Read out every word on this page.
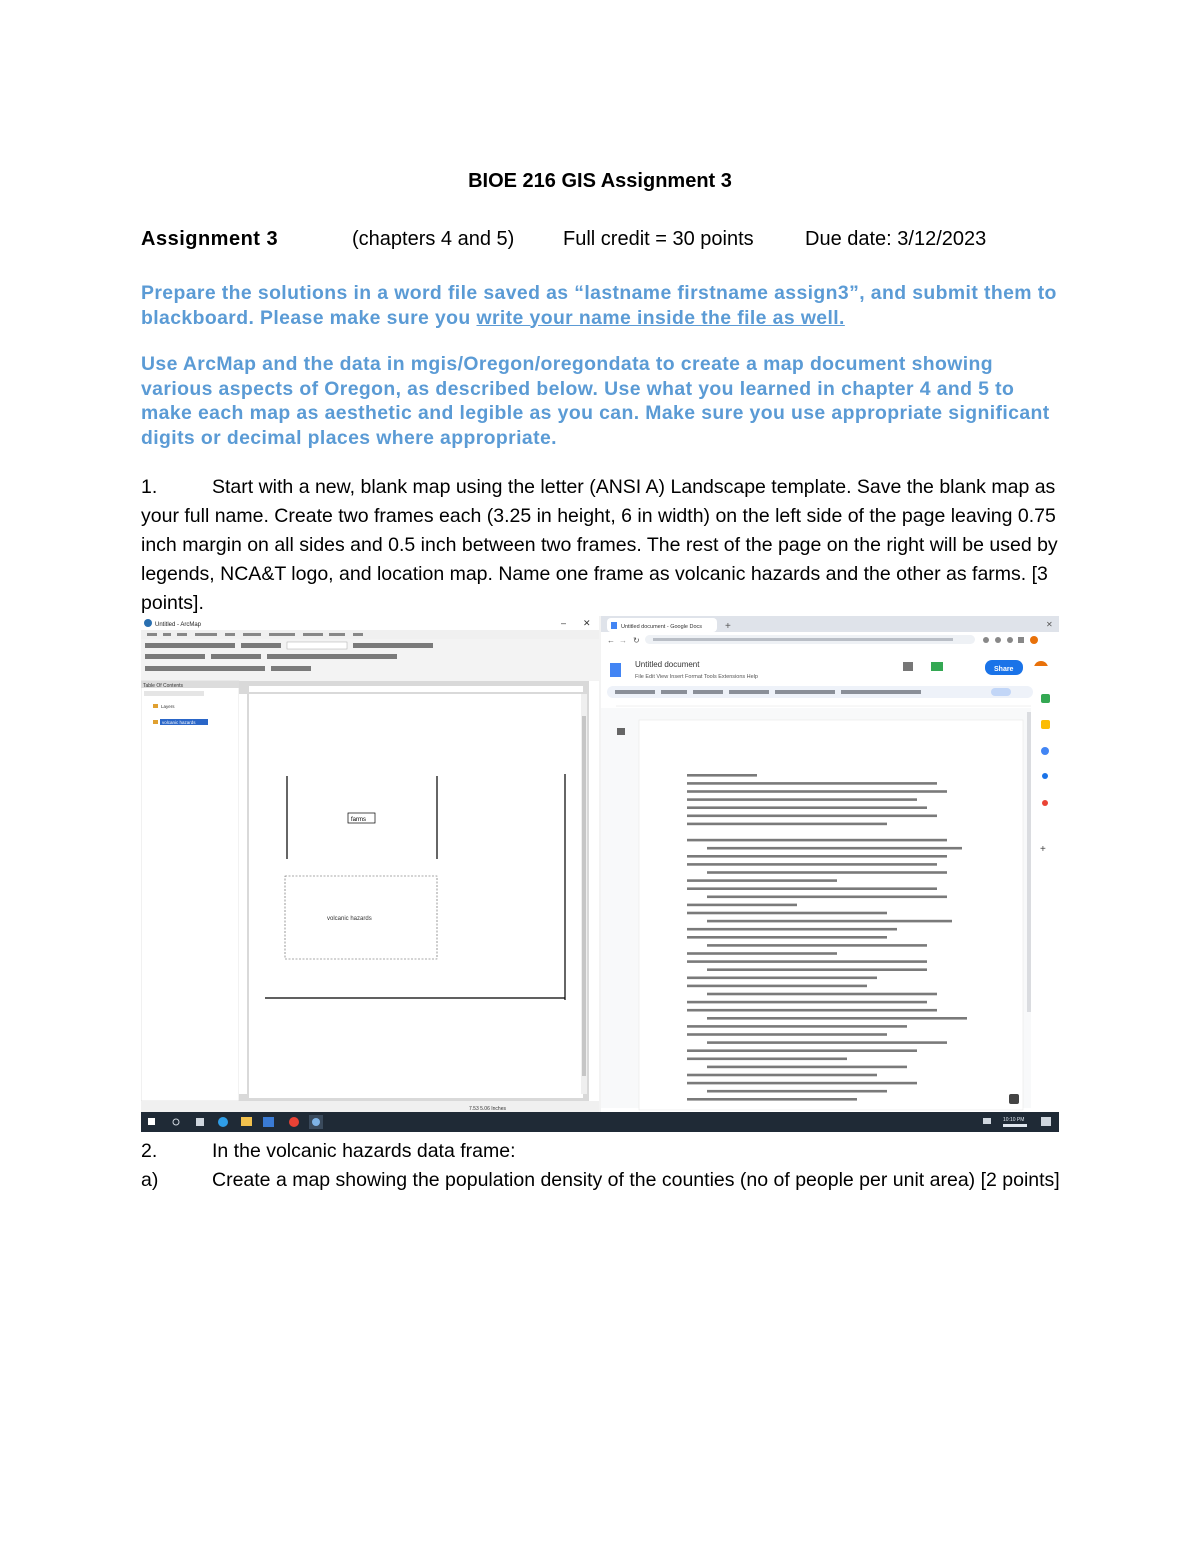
BIOE 216 GIS Assignment 3
Assignment 3	(chapters 4 and 5) Full credit = 30 points	Due date: 3/12/2023
Prepare the solutions in a word file saved as “lastname firstname assign3”, and submit them to blackboard. Please make sure you write your name inside the file as well.
Use ArcMap and the data in mgis/Oregon/oregondata to create a map document showing various aspects of Oregon, as described below. Use what you learned in chapter 4 and 5 to make each map as aesthetic and legible as you can. Make sure you use appropriate significant digits or decimal places where appropriate.
1.	Start with a new, blank map using the letter (ANSI A) Landscape template. Save the blank map as your full name. Create two frames each (3.25 in height, 6 in width) on the left side of the page leaving 0.75 inch margin on all sides and 0.5 inch between two frames. The rest of the page on the right will be used by legends, NCA&T logo, and location map. Name one frame as volcanic hazards and the other as farms. [3 points].
Untitled - ArcMap	– ✕
Table Of Contents
Layers
volcanic hazards
farms
volcanic hazards
7.53 5.06 Inches
Untitled document - Google Docs +	✕
← → ↻
Untitled document
File Edit View Insert Format Tools Extensions Help
Share
+
10:10 PM
2.	In the volcanic hazards data frame:
a)	Create a map showing the population density of the counties (no of people per unit area) [2 points]
